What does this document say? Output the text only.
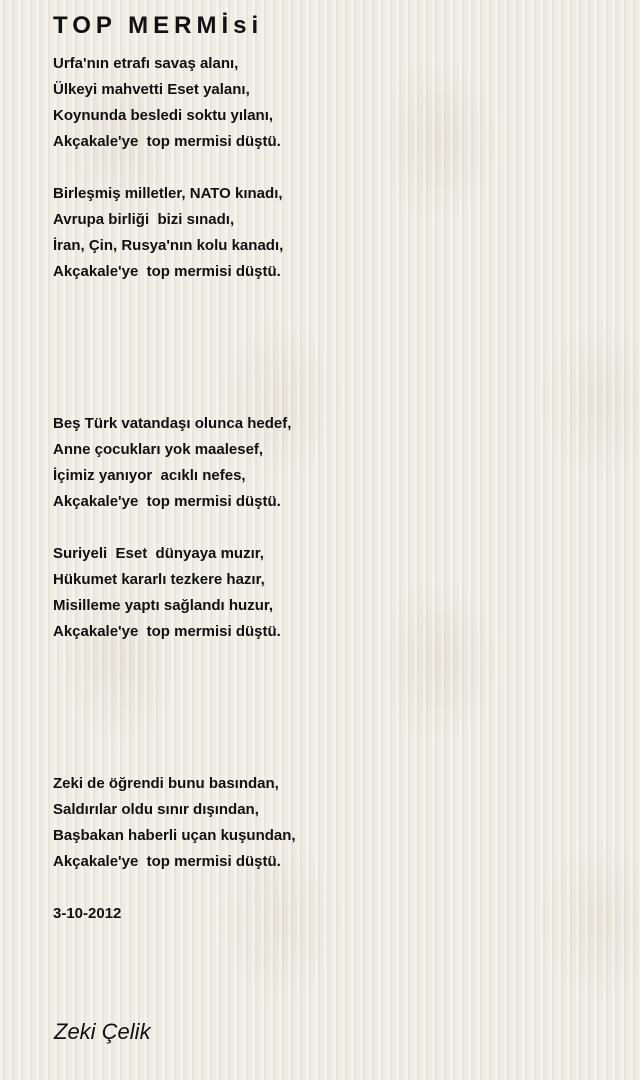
TOP MERMİsi
Urfa'nın etrafı savaş alanı,
Ülkeyi mahvetti Eset yalanı,
Koynunda besledi soktu yılanı,
Akçakale'ye  top mermisi düştü.
Birleşmiş milletler, NATO kınadı,
Avrupa birliği  bizi sınadı,
İran, Çin, Rusya'nın kolu kanadı,
Akçakale'ye  top mermisi düştü.
Beş Türk vatandaşı olunca hedef,
Anne çocukları yok maalesef,
İçimiz yanıyor  acıklı nefes,
Akçakale'ye  top mermisi düştü.
Suriyeli  Eset  dünyaya muzır,
Hükumet kararlı tezkere hazır,
Misilleme yaptı sağlandı huzur,
Akçakale'ye  top mermisi düştü.
Zeki de öğrendi bunu basından,
Saldırılar oldu sınır dışından,
Başbakan haberli uçan kuşundan,
Akçakale'ye  top mermisi düştü.
3-10-2012
Zeki Çelik
